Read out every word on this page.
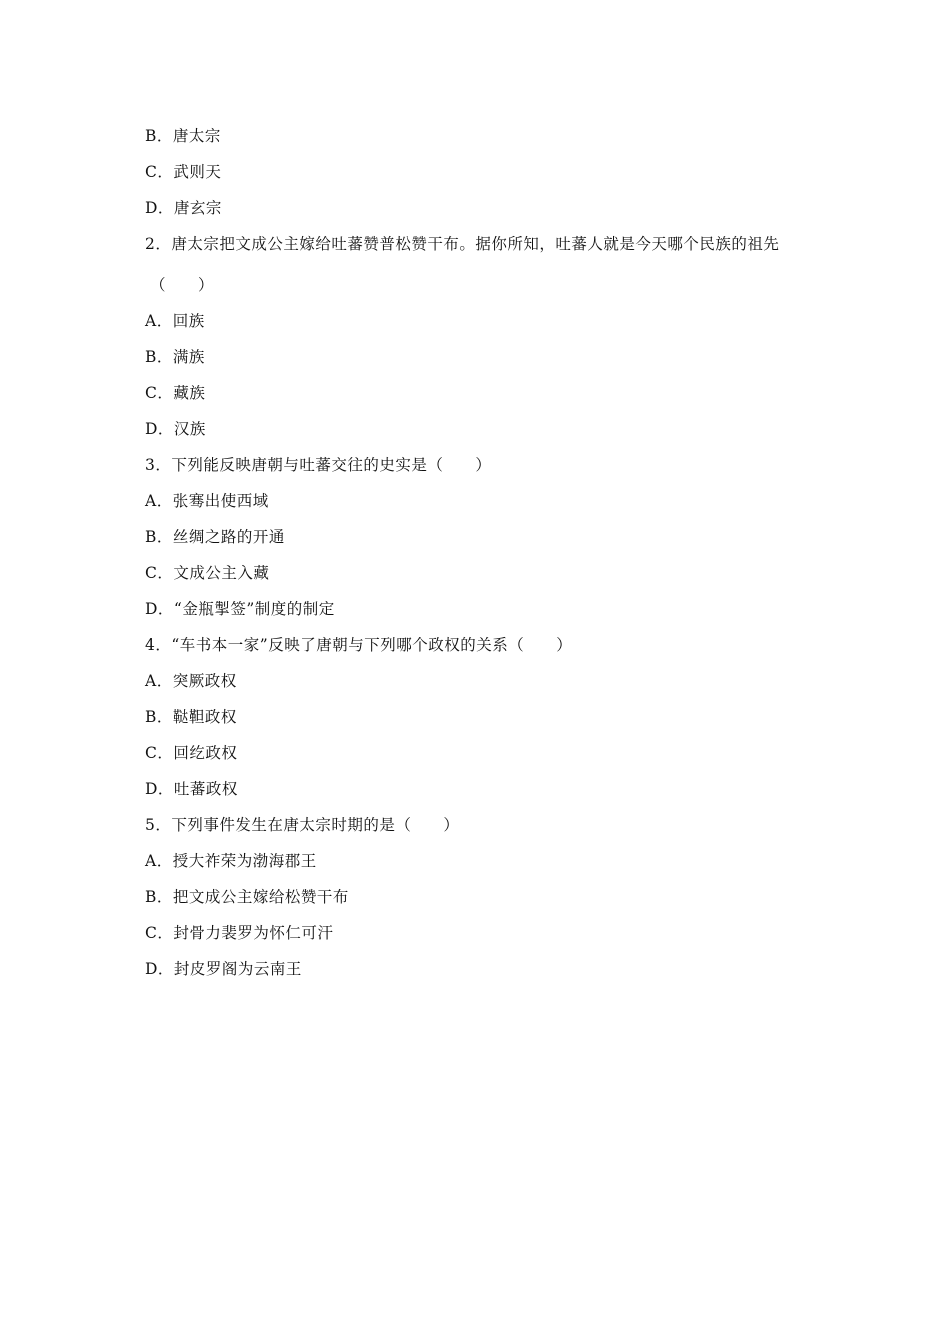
B．唐太宗
C．武则天
D．唐玄宗
2．唐太宗把文成公主嫁给吐蕃赞普松赞干布。据你所知，吐蕃人就是今天哪个民族的祖先
（　　）
A．回族
B．满族
C．藏族
D．汉族
3．下列能反映唐朝与吐蕃交往的史实是（　　）
A．张骞出使西域
B．丝绸之路的开通
C．文成公主入藏
D．“金瓶掣签”制度的制定
4．“车书本一家”反映了唐朝与下列哪个政权的关系（　　）
A．突厥政权
B．鞑靼政权
C．回纥政权
D．吐蕃政权
5．下列事件发生在唐太宗时期的是（　　）
A．授大祚荣为渤海郡王
B．把文成公主嫁给松赞干布
C．封骨力裴罗为怀仁可汗
D．封皮罗阁为云南王
